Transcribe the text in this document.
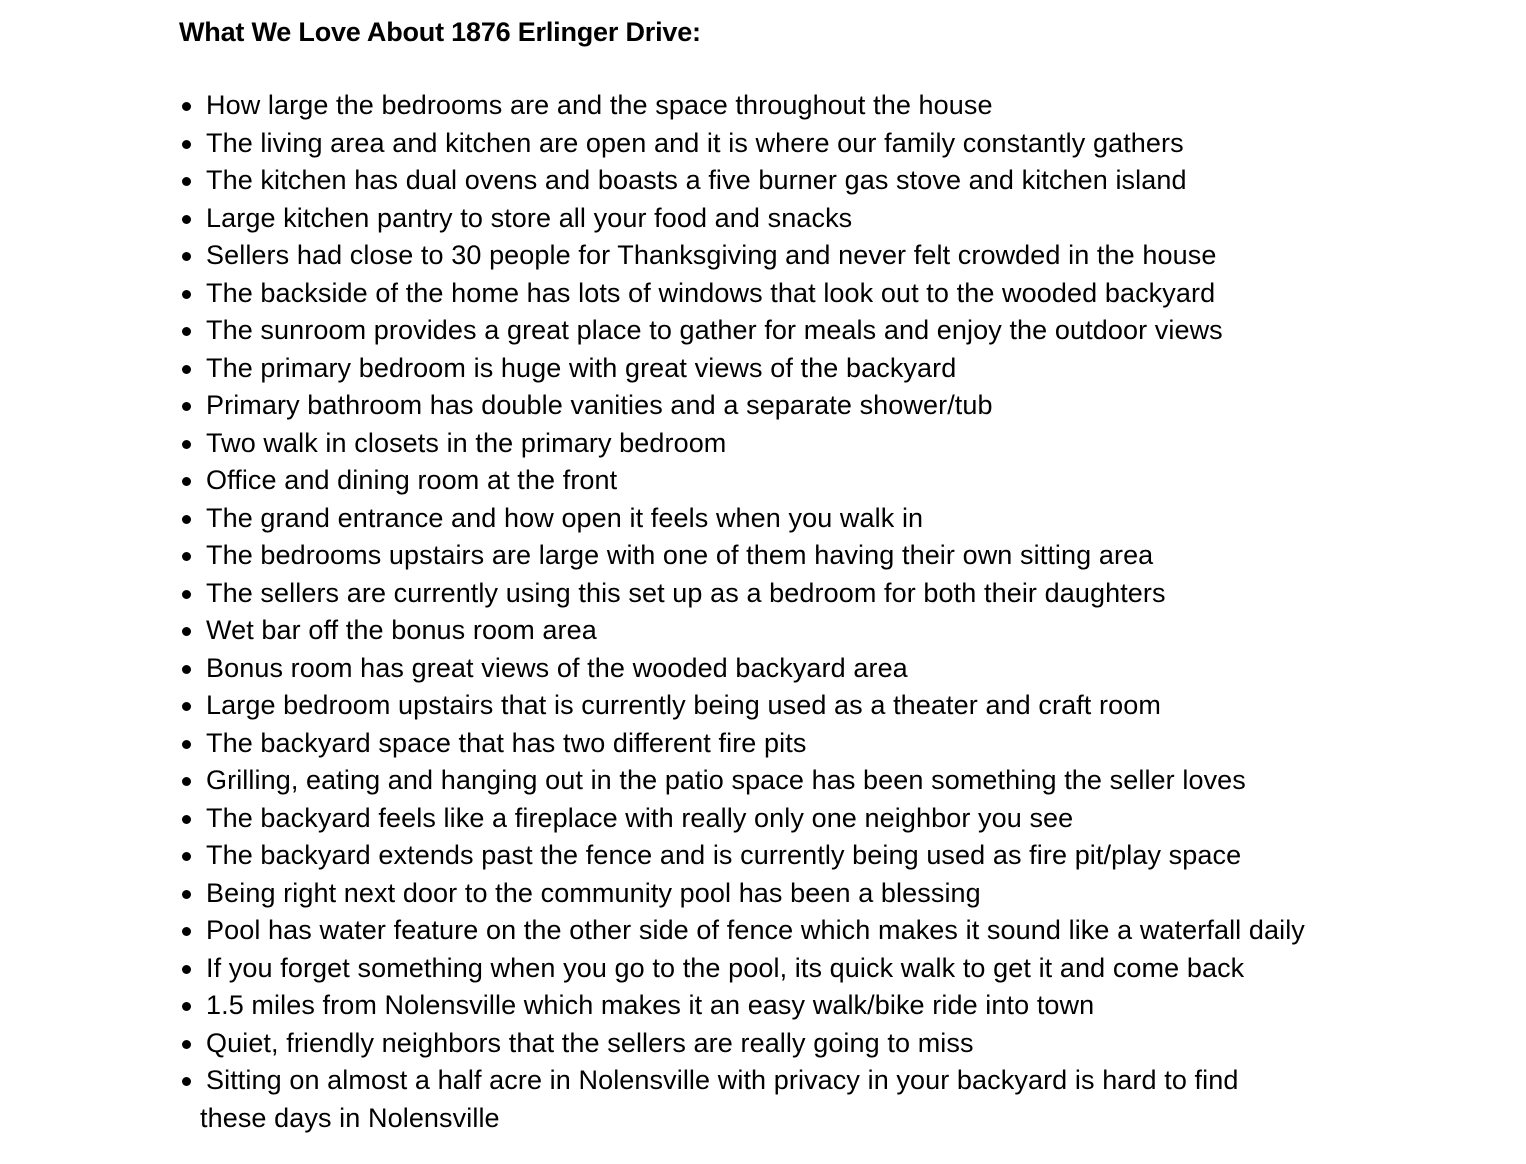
What We Love About 1876 Erlinger Drive:
How large the bedrooms are and the space throughout the house
The living area and kitchen are open and it is where our family constantly gathers
The kitchen has dual ovens and boasts a five burner gas stove and kitchen island
Large kitchen pantry to store all your food and snacks
Sellers had close to 30 people for Thanksgiving and never felt crowded in the house
The backside of the home has lots of windows that look out to the wooded backyard
The sunroom provides a great place to gather for meals and enjoy the outdoor views
The primary bedroom is huge with great views of the backyard
Primary bathroom has double vanities and a separate shower/tub
Two walk in closets in the primary bedroom
Office and dining room at the front
The grand entrance and how open it feels when you walk in
The bedrooms upstairs are large with one of them having their own sitting area
The sellers are currently using this set up as a bedroom for both their daughters
Wet bar off the bonus room area
Bonus room has great views of the wooded backyard area
Large bedroom upstairs that is currently being used as a theater and craft room
The backyard space that has two different fire pits
Grilling, eating and hanging out in the patio space has been something the seller loves
The backyard feels like a fireplace with really only one neighbor you see
The backyard extends past the fence and is currently being used as fire pit/play space
Being right next door to the community pool has been a blessing
Pool has water feature on the other side of fence which makes it sound like a waterfall daily
If you forget something when you go to the pool, its quick walk to get it and come back
1.5 miles from Nolensville which makes it an easy walk/bike ride into town
Quiet, friendly neighbors that the sellers are really going to miss
Sitting on almost a half acre in Nolensville with privacy in your backyard is hard to find
these days in Nolensville
